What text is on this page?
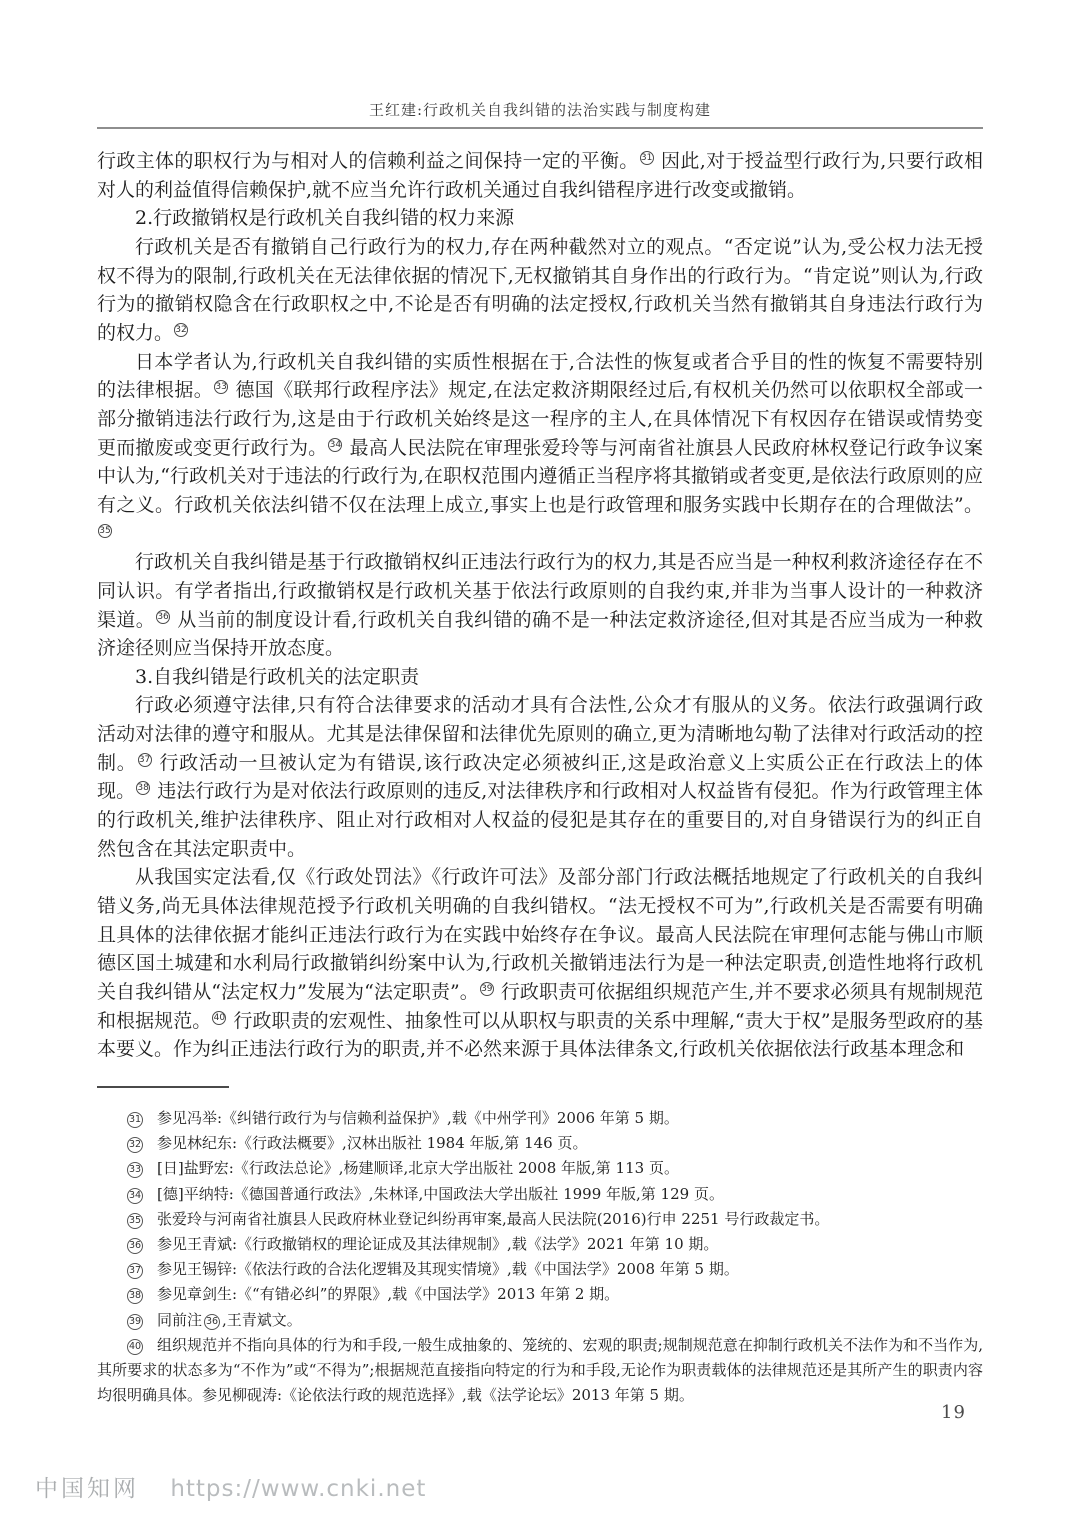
王红建:行政机关自我纠错的法治实践与制度构建

行政主体的职权行为与相对人的信赖利益之间保持一定的平衡。 31 因此,对于授益型行政行为,只要行政相对人的利益值得信赖保护,就不应当允许行政机关通过自我纠错程序进行改变或撤销。

2.行政撤销权是行政机关自我纠错的权力来源

行政机关是否有撤销自己行政行为的权力,存在两种截然对立的观点。“否定说”认为,受公权力法无授权不得为的限制,行政机关在无法律依据的情况下,无权撤销其自身作出的行政行为。“肯定说”则认为,行政行为的撤销权隐含在行政职权之中,不论是否有明确的法定授权,行政机关当然有撤销其自身违法行政行为的权力。 32

日本学者认为,行政机关自我纠错的实质性根据在于,合法性的恢复或者合乎目的性的恢复不需要特别的法律根据。 33 德国《联邦行政程序法》规定,在法定救济期限经过后,有权机关仍然可以依职权全部或一部分撤销违法行政行为,这是由于行政机关始终是这一程序的主人,在具体情况下有权因存在错误或情势变更而撤废或变更行政行为。 34 最高人民法院在审理张爱玲等与河南省社旗县人民政府林权登记行政争议案中认为,“行政机关对于违法的行政行为,在职权范围内遵循正当程序将其撤销或者变更,是依法行政原则的应有之义。行政机关依法纠错不仅在法理上成立,事实上也是行政管理和服务实践中长期存在的合理做法”。35

行政机关自我纠错是基于行政撤销权纠正违法行政行为的权力,其是否应当是一种权利救济途径存在不同认识。有学者指出,行政撤销权是行政机关基于依法行政原则的自我约束,并非为当事人设计的一种救济渠道。 36 从当前的制度设计看,行政机关自我纠错的确不是一种法定救济途径,但对其是否应当成为一种救济途径则应当保持开放态度。

3.自我纠错是行政机关的法定职责

行政必须遵守法律,只有符合法律要求的活动才具有合法性,公众才有服从的义务。依法行政强调行政活动对法律的遵守和服从。尤其是法律保留和法律优先原则的确立,更为清晰地勾勒了法律对行政活动的控制。 37 行政活动一旦被认定为有错误,该行政决定必须被纠正,这是政治意义上实质公正在行政法上的体现。 38 违法行政行为是对依法行政原则的违反,对法律秩序和行政相对人权益皆有侵犯。作为行政管理主体的行政机关,维护法律秩序、阻止对行政相对人权益的侵犯是其存在的重要目的,对自身错误行为的纠正自然包含在其法定职责中。

从我国实定法看,仅《行政处罚法》《行政许可法》及部分部门行政法概括地规定了行政机关的自我纠错义务,尚无具体法律规范授予行政机关明确的自我纠错权。“法无授权不可为”,行政机关是否需要有明确且具体的法律依据才能纠正违法行政行为在实践中始终存在争议。最高人民法院在审理何志能与佛山市顺德区国土城建和水利局行政撤销纠纷案中认为,行政机关撤销违法行为是一种法定职责,创造性地将行政机关自我纠错从“法定权力”发展为“法定职责”。 39 行政职责可依据组织规范产生,并不要求必须具有规制规范和根据规范。 40 行政职责的宏观性、抽象性可以从职权与职责的关系中理解,“责大于权”是服务型政府的基本要义。作为纠正违法行政行为的职责,并不必然来源于具体法律条文,行政机关依据依法行政基本理念和

31 参见冯举:《纠错行政行为与信赖利益保护》,载《中州学刊》2006 年第 5 期。

32 参见林纪东:《行政法概要》,汉林出版社 1984 年版,第 146 页。

33 [日]盐野宏:《行政法总论》,杨建顺译,北京大学出版社 2008 年版,第 113 页。

34 [德]平纳特:《德国普通行政法》,朱林译,中国政法大学出版社 1999 年版,第 129 页。

35 张爱玲与河南省社旗县人民政府林业登记纠纷再审案,最高人民法院(2016)行申 2251 号行政裁定书。

36 参见王青斌:《行政撤销权的理论证成及其法律规制》,载《法学》2021 年第 10 期。

37 参见王锡锌:《依法行政的合法化逻辑及其现实情境》,载《中国法学》2008 年第 5 期。

38 参见章剑生:《“有错必纠”的界限》,载《中国法学》2013 年第 2 期。

39 同前注 36 ,王青斌文。

40 组织规范并不指向具体的行为和手段,一般生成抽象的、笼统的、宏观的职责;规制规范意在抑制行政机关不法作为和不当作为,其所要求的状态多为“不作为”或“不得为”;根据规范直接指向特定的行为和手段,无论作为职责载体的法律规范还是其所产生的职责内容均很明确具体。参见柳砚涛:《论依法行政的规范选择》,载《法学论坛》2013 年第 5 期。

19
中国知网 https://www.cnki.net
